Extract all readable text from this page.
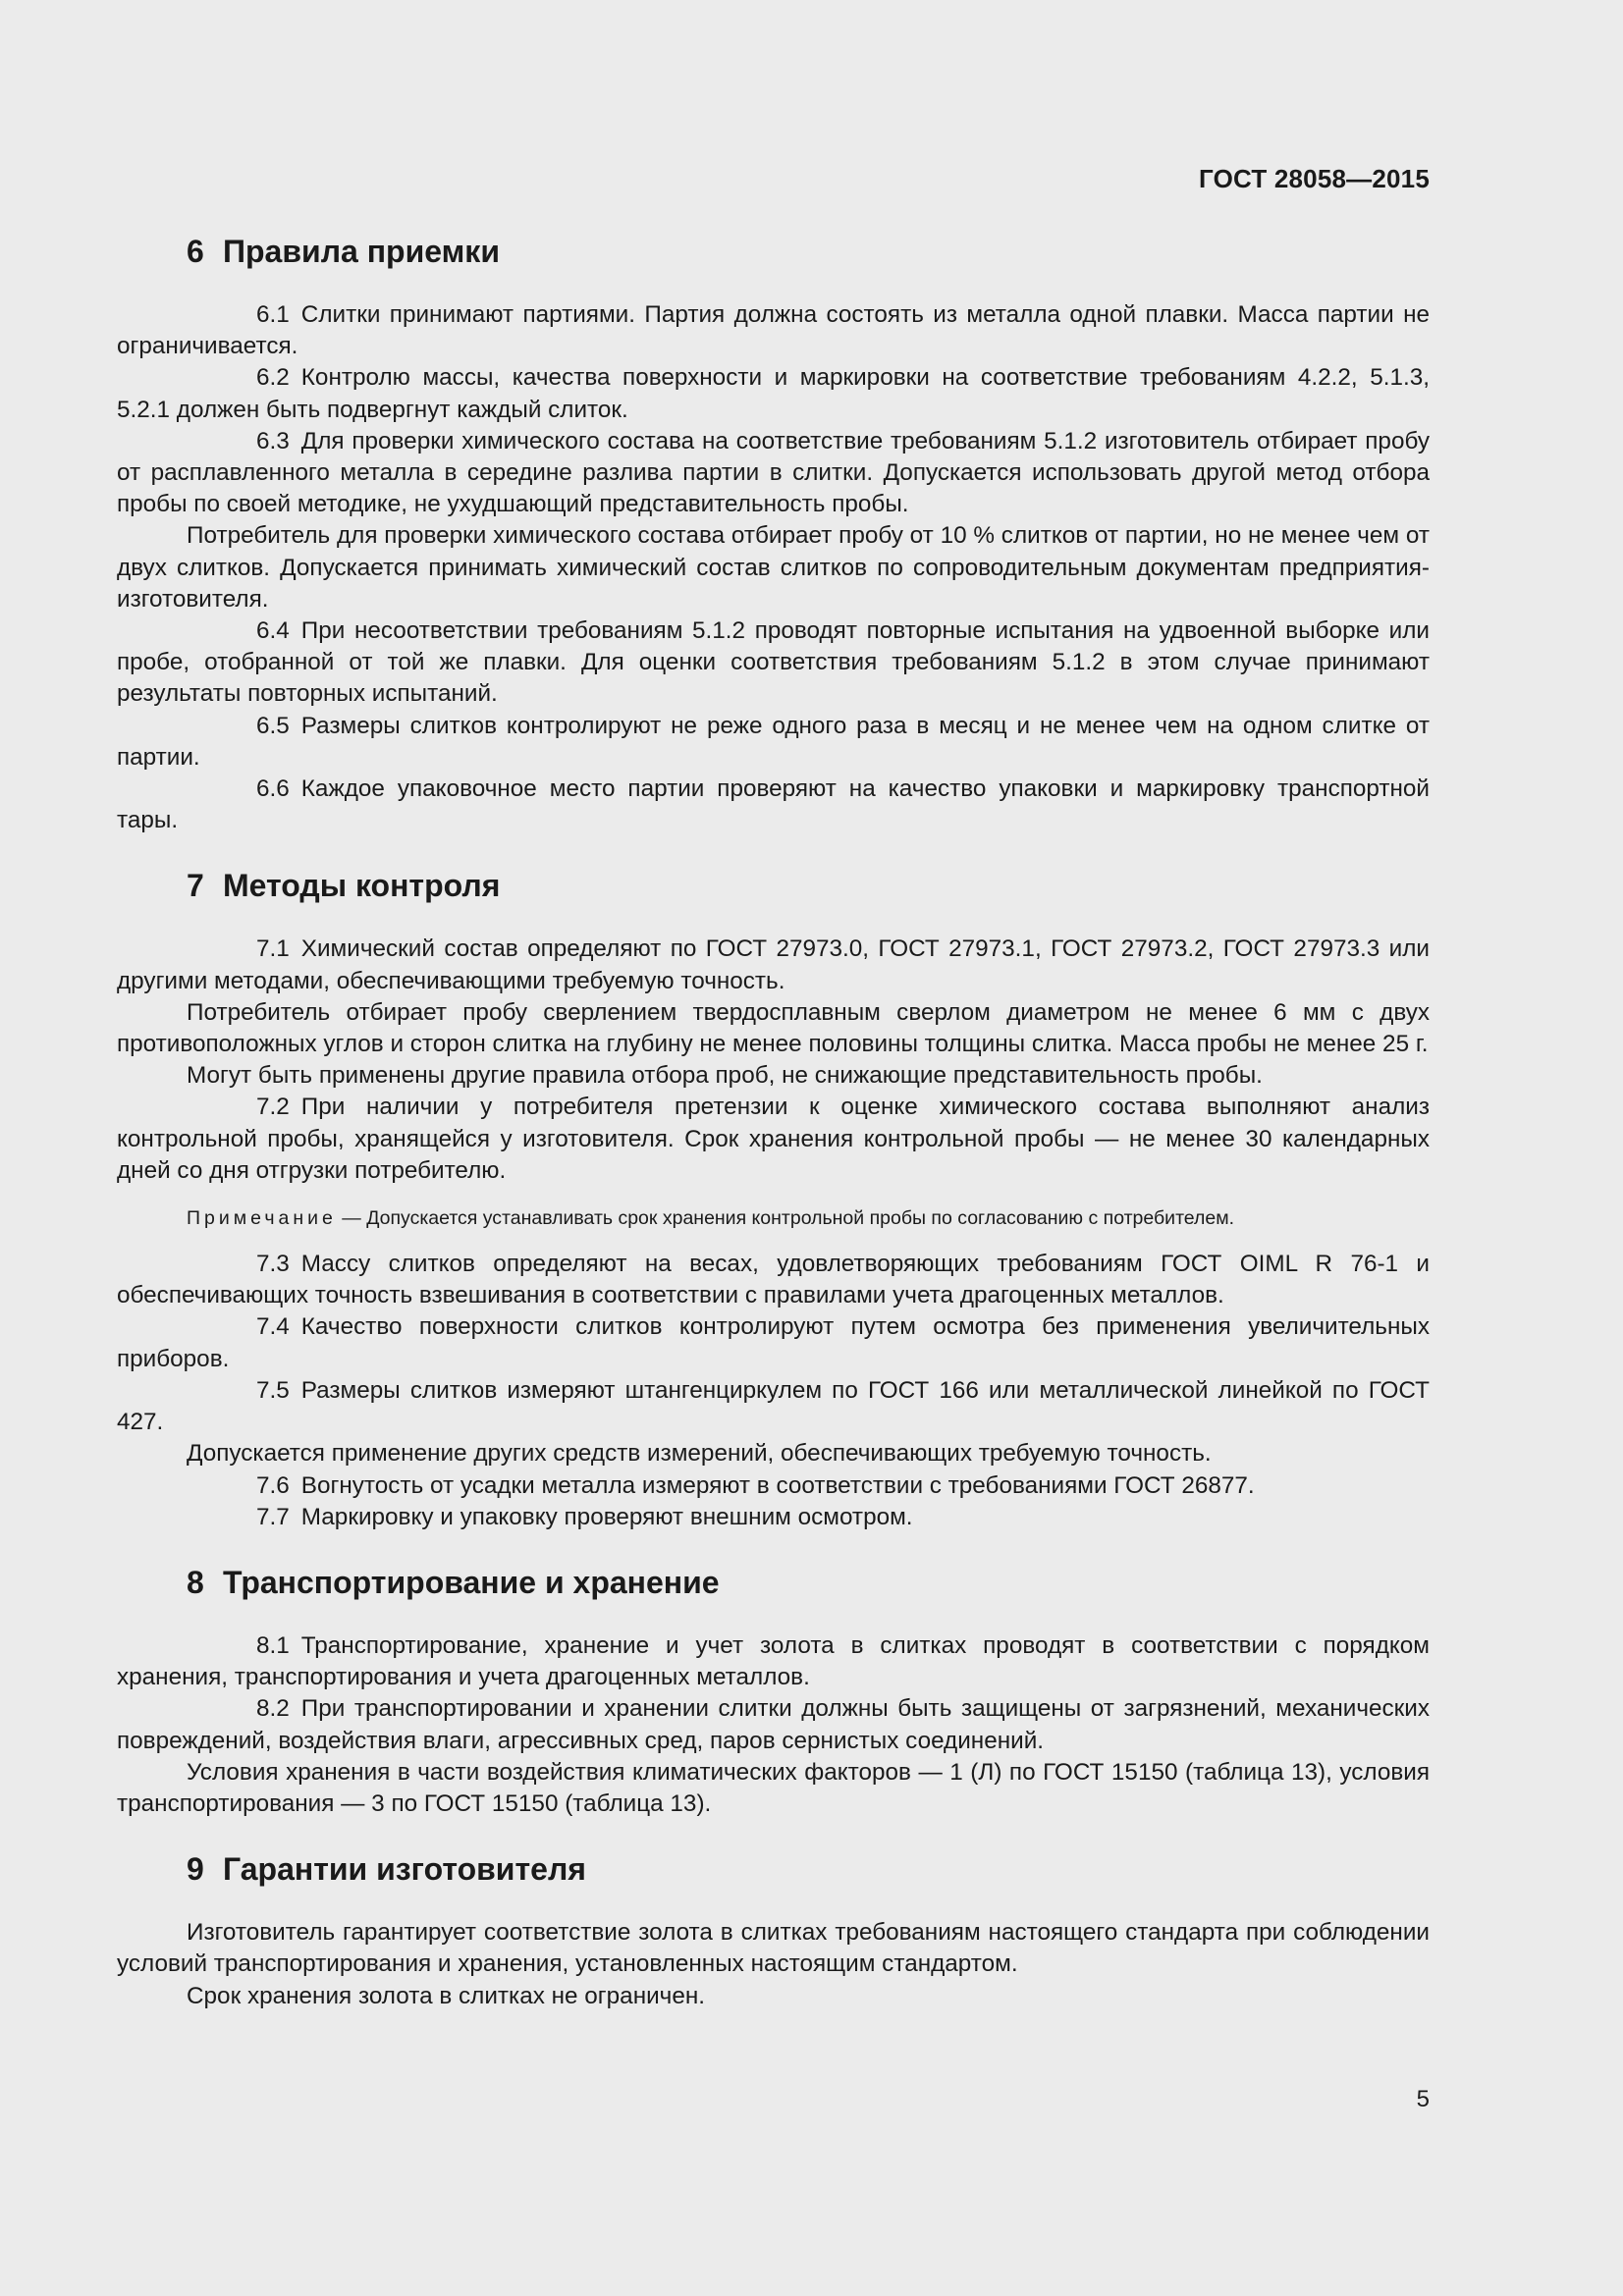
ГОСТ 28058—2015
6 Правила приемки

6.1 Слитки принимают партиями. Партия должна состоять из металла одной плавки. Масса партии не ограничивается.

6.2 Контролю массы, качества поверхности и маркировки на соответствие требованиям 4.2.2, 5.1.3, 5.2.1 должен быть подвергнут каждый слиток.

6.3 Для проверки химического состава на соответствие требованиям 5.1.2 изготовитель отбирает пробу от расплавленного металла в середине разлива партии в слитки. Допускается использовать другой метод отбора пробы по своей методике, не ухудшающий представительность пробы.

Потребитель для проверки химического состава отбирает пробу от 10 % слитков от партии, но не менее чем от двух слитков. Допускается принимать химический состав слитков по сопроводительным документам предприятия-изготовителя.

6.4 При несоответствии требованиям 5.1.2 проводят повторные испытания на удвоенной выборке или пробе, отобранной от той же плавки. Для оценки соответствия требованиям 5.1.2 в этом случае принимают результаты повторных испытаний.

6.5 Размеры слитков контролируют не реже одного раза в месяц и не менее чем на одном слитке от партии.

6.6 Каждое упаковочное место партии проверяют на качество упаковки и маркировку транспортной тары.

7 Методы контроля

7.1 Химический состав определяют по ГОСТ 27973.0, ГОСТ 27973.1, ГОСТ 27973.2, ГОСТ 27973.3 или другими методами, обеспечивающими требуемую точность.

Потребитель отбирает пробу сверлением твердосплавным сверлом диаметром не менее 6 мм с двух противоположных углов и сторон слитка на глубину не менее половины толщины слитка. Масса пробы не менее 25 г.

Могут быть применены другие правила отбора проб, не снижающие представительность пробы.

7.2 При наличии у потребителя претензии к оценке химического состава выполняют анализ контрольной пробы, хранящейся у изготовителя. Срок хранения контрольной пробы — не менее 30 календарных дней со дня отгрузки потребителю.

Примечание — Допускается устанавливать срок хранения контрольной пробы по согласованию с потребителем.

7.3 Массу слитков определяют на весах, удовлетворяющих требованиям ГОСТ OIML R 76-1 и обеспечивающих точность взвешивания в соответствии с правилами учета драгоценных металлов.

7.4 Качество поверхности слитков контролируют путем осмотра без применения увеличительных приборов.

7.5 Размеры слитков измеряют штангенциркулем по ГОСТ 166 или металлической линейкой по ГОСТ 427.

Допускается применение других средств измерений, обеспечивающих требуемую точность.

7.6 Вогнутость от усадки металла измеряют в соответствии с требованиями ГОСТ 26877.

7.7 Маркировку и упаковку проверяют внешним осмотром.

8 Транспортирование и хранение

8.1 Транспортирование, хранение и учет золота в слитках проводят в соответствии с порядком хранения, транспортирования и учета драгоценных металлов.

8.2 При транспортировании и хранении слитки должны быть защищены от загрязнений, механических повреждений, воздействия влаги, агрессивных сред, паров сернистых соединений.

Условия хранения в части воздействия климатических факторов — 1 (Л) по ГОСТ 15150 (таблица 13), условия транспортирования — 3 по ГОСТ 15150 (таблица 13).

9 Гарантии изготовителя

Изготовитель гарантирует соответствие золота в слитках требованиям настоящего стандарта при соблюдении условий транспортирования и хранения, установленных настоящим стандартом.

Срок хранения золота в слитках не ограничен.

5
